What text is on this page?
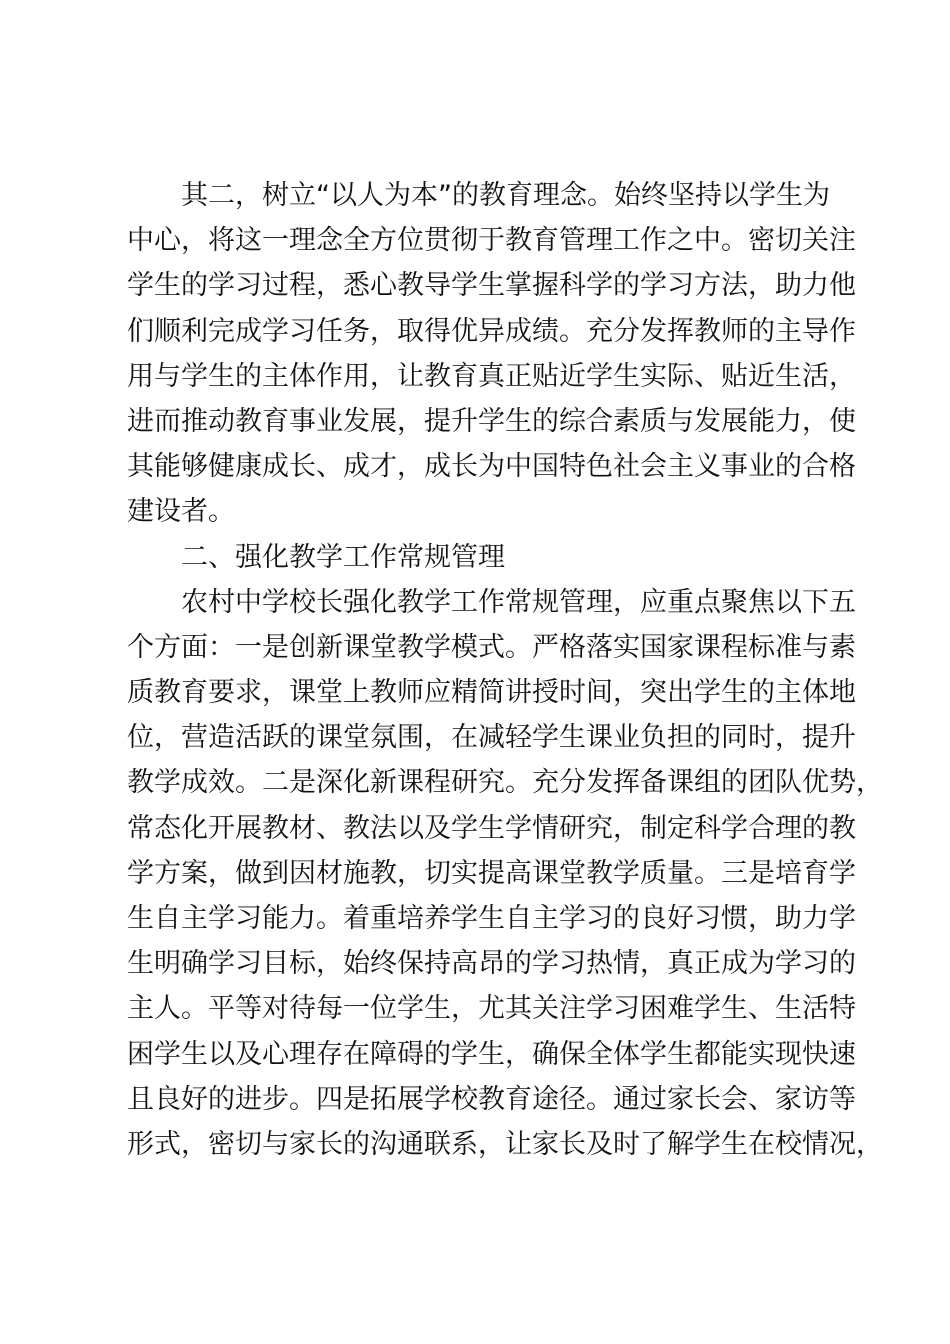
其二，树立“以人为本”的教育理念。始终坚持以学生为
中心，将这一理念全方位贯彻于教育管理工作之中。密切关注
学生的学习过程，悉心教导学生掌握科学的学习方法，助力他
们顺利完成学习任务，取得优异成绩。充分发挥教师的主导作
用与学生的主体作用，让教育真正贴近学生实际、贴近生活，
进而推动教育事业发展，提升学生的综合素质与发展能力，使
其能够健康成长、成才，成长为中国特色社会主义事业的合格
建设者。
二、强化教学工作常规管理
农村中学校长强化教学工作常规管理，应重点聚焦以下五
个方面：一是创新课堂教学模式。严格落实国家课程标准与素
质教育要求，课堂上教师应精简讲授时间，突出学生的主体地
位，营造活跃的课堂氛围，在减轻学生课业负担的同时，提升
教学成效。二是深化新课程研究。充分发挥备课组的团队优势，
常态化开展教材、教法以及学生学情研究，制定科学合理的教
学方案，做到因材施教，切实提高课堂教学质量。三是培育学
生自主学习能力。着重培养学生自主学习的良好习惯，助力学
生明确学习目标，始终保持高昂的学习热情，真正成为学习的
主人。平等对待每一位学生，尤其关注学习困难学生、生活特
困学生以及心理存在障碍的学生，确保全体学生都能实现快速
且良好的进步。四是拓展学校教育途径。通过家长会、家访等
形式，密切与家长的沟通联系，让家长及时了解学生在校情况，
